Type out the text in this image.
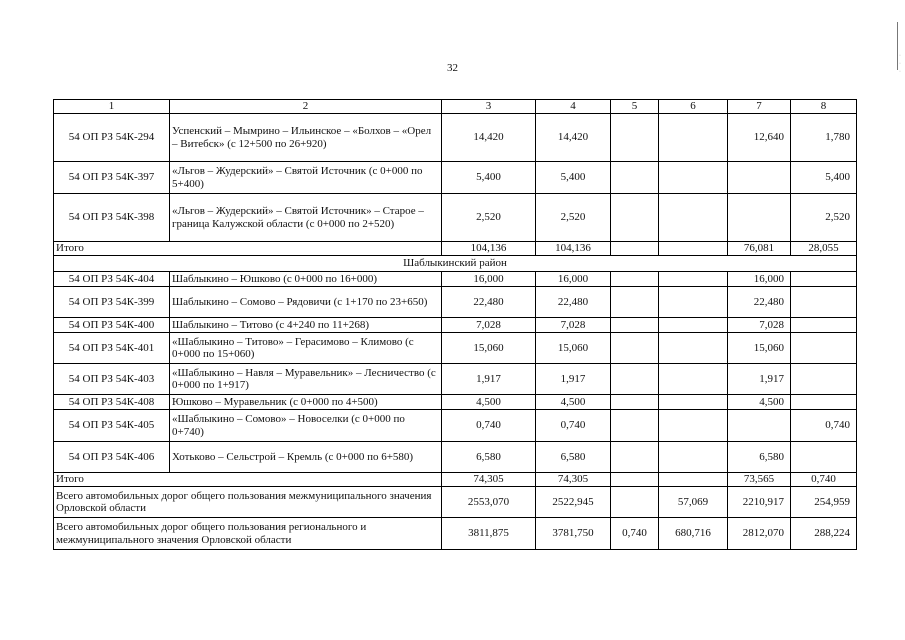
32
·
·
·
1	2	3	4	5	6	7	8
54 ОП РЗ 54К-294	Успенский – Мымрино – Ильинское – «Болхов – «Орел – Витебск» (с 12+500 по 26+920)	14,420	14,420			12,640	1,780
54 ОП РЗ 54К-397	«Льгов – Жудерский» – Святой Источник (с 0+000 по 5+400)	5,400	5,400				5,400
54 ОП РЗ 54К-398	«Льгов – Жудерский» – Святой Источник» – Старое – граница Калужской области (с 0+000 по 2+520)	2,520	2,520				2,520
Итого		104,136	104,136			76,081	28,055
Шаблыкинский район							
54 ОП РЗ 54К-404	Шаблыкино – Юшково (с 0+000 по 16+000)	16,000	16,000			16,000	
54 ОП РЗ 54К-399	Шаблыкино – Сомово – Рядовичи (с 1+170 по 23+650)	22,480	22,480			22,480	
54 ОП РЗ 54К-400	Шаблыкино – Титово (с 4+240 по 11+268)	7,028	7,028			7,028	
54 ОП РЗ 54К-401	«Шаблыкино – Титово» – Герасимово – Климово (с 0+000 по 15+060)	15,060	15,060			15,060	
54 ОП РЗ 54К-403	«Шаблыкино – Навля – Муравельник» – Лесничество (с 0+000 по 1+917)	1,917	1,917			1,917	
54 ОП РЗ 54К-408	Юшково – Муравельник (с 0+000 по 4+500)	4,500	4,500			4,500	
54 ОП РЗ 54К-405	«Шаблыкино – Сомово» – Новоселки (с 0+000 по 0+740)	0,740	0,740				0,740
54 ОП РЗ 54К-406	Хотьково – Сельстрой – Кремль (с 0+000 по 6+580)	6,580	6,580			6,580	
Итого		74,305	74,305			73,565	0,740
Всего автомобильных дорог общего пользования межмуниципального значения Орловской области		2553,070	2522,945		57,069	2210,917	254,959
Всего автомобильных дорог общего пользования регионального и межмуниципального значения Орловской области		3811,875	3781,750	0,740	680,716	2812,070	288,224
